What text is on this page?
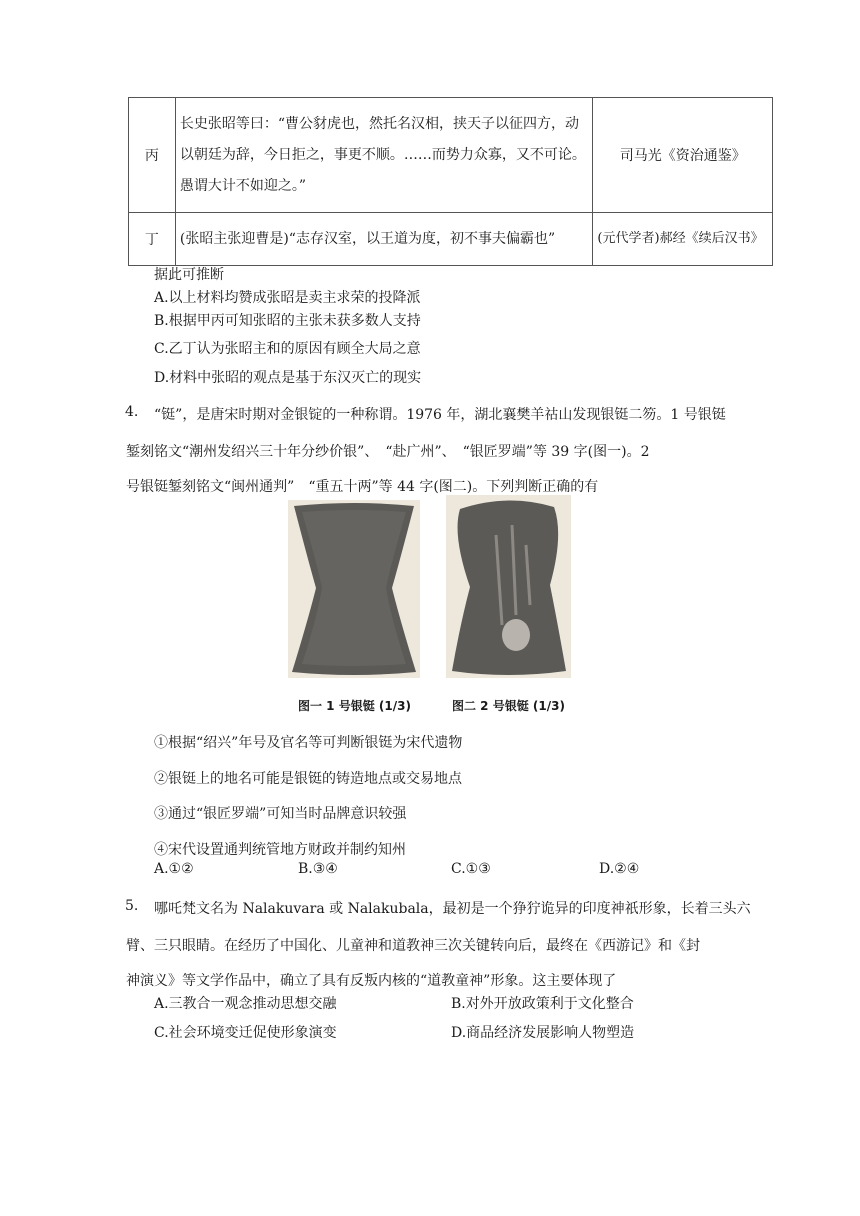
丙	长史张昭等曰：“曹公豺虎也，然托名汉相，挟天子以征四方，动以朝廷为辞，今日拒之，事更不顺。……而势力众寡，又不可论。愚谓大计不如迎之。”	司马光《资治通鉴》
丁	(张昭主张迎曹是)“志存汉室，以王道为度，初不事夫偏霸也”	(元代学者)郝经《续后汉书》
据此可推断
A.以上材料均赞成张昭是卖主求荣的投降派
B.根据甲丙可知张昭的主张未获多数人支持
C.乙丁认为张昭主和的原因有顾全大局之意
D.材料中张昭的观点是基于东汉灭亡的现实
4. “铤”，是唐宋时期对金银锭的一种称谓。1976 年，湖北襄樊羊祜山发现银铤二笏。1 号银铤
錾刻铭文“潮州发绍兴三十年分纱价银”、　“赴广州”、　“银匠罗端”等 39 字(图一)。2
号银铤錾刻铭文“闽州通判”　“重五十两”等 44 字(图二)。下列判断正确的有
图一 1 号银铤 (1/3)	图二 2 号银铤 (1/3)
①根据“绍兴”年号及官名等可判断银铤为宋代遗物
②银铤上的地名可能是银铤的铸造地点或交易地点
③通过“银匠罗端”可知当时品牌意识较强
④宋代设置通判统管地方财政并制约知州
A.①②	B.③④	C.①③	D.②④
5. 哪吒梵文名为 Nalakuvara 或 Nalakubala，最初是一个狰狞诡异的印度神祇形象，长着三头六
臂、三只眼睛。在经历了中国化、儿童神和道教神三次关键转向后，最终在《西游记》和《封
神演义》等文学作品中，确立了具有反叛内核的“道教童神”形象。这主要体现了
A.三教合一观念推动思想交融	B.对外开放政策利于文化整合
C.社会环境变迁促使形象演变	D.商品经济发展影响人物塑造
